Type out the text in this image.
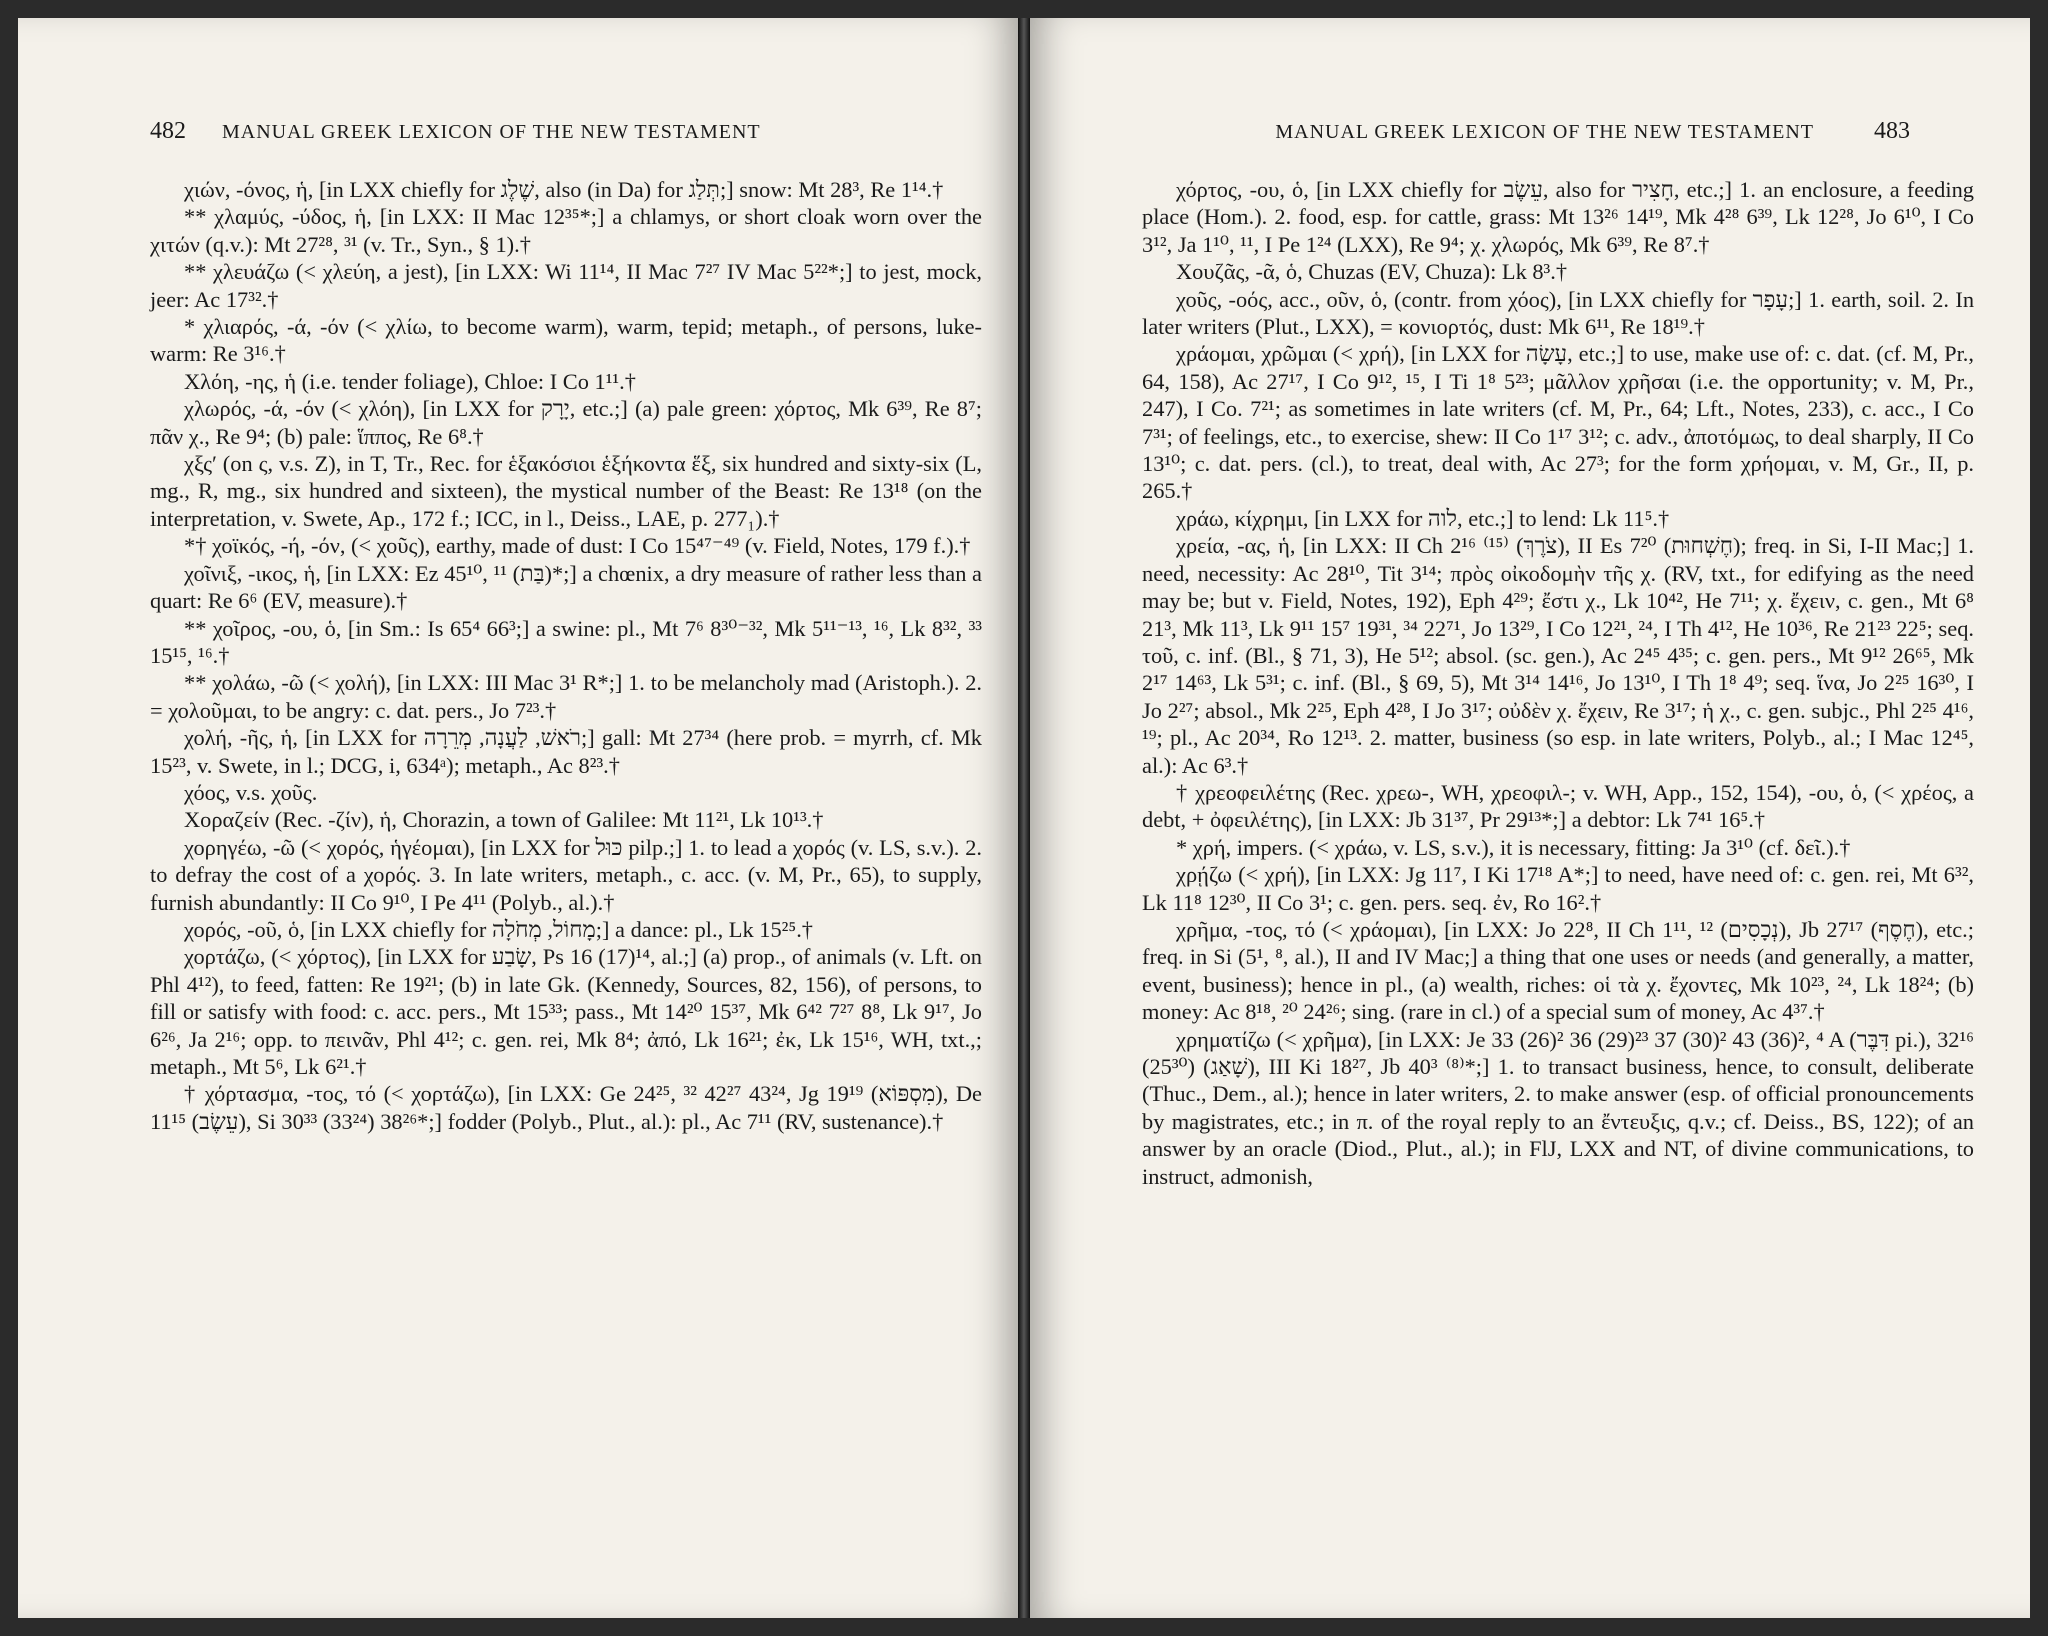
482 MANUAL GREEK LEXICON OF THE NEW TESTAMENT

χιών, -όνος, ἡ, [in LXX chiefly for שֶׁלֶג, also (in Da) for תְּלַג;] snow: Mt 28³, Re 1¹⁴.†

** χλαμύς, -ύδος, ἡ, [in LXX: II Mac 12³⁵*;] a chlamys, or short cloak worn over the χιτών (q.v.): Mt 27²⁸, ³¹ (v. Tr., Syn., § 1).†

** χλευάζω (< χλεύη, a jest), [in LXX: Wi 11¹⁴, II Mac 7²⁷ IV Mac 5²²*;] to jest, mock, jeer: Ac 17³².†

* χλιαρός, -ά, -όν (< χλίω, to become warm), warm, tepid; metaph., of persons, luke-warm: Re 3¹⁶.†

Χλόη, -ης, ἡ (i.e. tender foliage), Chloe: I Co 1¹¹.†

χλωρός, -ά, -όν (< χλόη), [in LXX for יָרָק, etc.;] (a) pale green: χόρτος, Mk 6³⁹, Re 8⁷; πᾶν χ., Re 9⁴; (b) pale: ἵππος, Re 6⁸.†

χξς′ (on ς, v.s. Z), in T, Tr., Rec. for ἑξακόσιοι ἑξήκοντα ἕξ, six hundred and sixty-six (L, mg., R, mg., six hundred and sixteen), the mystical number of the Beast: Re 13¹⁸ (on the interpretation, v. Swete, Ap., 172 f.; ICC, in l., Deiss., LAE, p. 277₁).†

*† χοϊκός, -ή, -όν, (< χοῦς), earthy, made of dust: I Co 15⁴⁷⁻⁴⁹ (v. Field, Notes, 179 f.).†

χοῖνιξ, -ικος, ἡ, [in LXX: Ez 45¹⁰, ¹¹ (בַּת)*;] a chœnix, a dry measure of rather less than a quart: Re 6⁶ (EV, measure).†

** χοῖρος, -ου, ὁ, [in Sm.: Is 65⁴ 66³;] a swine: pl., Mt 7⁶ 8³⁰⁻³², Mk 5¹¹⁻¹³, ¹⁶, Lk 8³², ³³ 15¹⁵, ¹⁶.†

** χολάω, -ῶ (< χολή), [in LXX: III Mac 3¹ R*;] 1. to be melancholy mad (Aristoph.). 2. = χολοῦμαι, to be angry: c. dat. pers., Jo 7²³.†

χολή, -ῆς, ἡ, [in LXX for רֹאשׁ, לַעֲנָה, מְרֵרָה;] gall: Mt 27³⁴ (here prob. = myrrh, cf. Mk 15²³, v. Swete, in l.; DCG, i, 634ᵃ); metaph., Ac 8²³.†

χόος, v.s. χοῦς.

Χοραζείν (Rec. -ζίν), ἡ, Chorazin, a town of Galilee: Mt 11²¹, Lk 10¹³.†

χορηγέω, -ῶ (< χορός, ἡγέομαι), [in LXX for כּוּל pilp.;] 1. to lead a χορός (v. LS, s.v.). 2. to defray the cost of a χορός. 3. In late writers, metaph., c. acc. (v. M, Pr., 65), to supply, furnish abundantly: II Co 9¹⁰, I Pe 4¹¹ (Polyb., al.).†

χορός, -οῦ, ὁ, [in LXX chiefly for מָחוֹל, מְחֹלָה;] a dance: pl., Lk 15²⁵.†

χορτάζω, (< χόρτος), [in LXX for שָׂבַע, Ps 16 (17)¹⁴, al.;] (a) prop., of animals (v. Lft. on Phl 4¹²), to feed, fatten: Re 19²¹; (b) in late Gk. (Kennedy, Sources, 82, 156), of persons, to fill or satisfy with food: c. acc. pers., Mt 15³³; pass., Mt 14²⁰ 15³⁷, Mk 6⁴² 7²⁷ 8⁸, Lk 9¹⁷, Jo 6²⁶, Ja 2¹⁶; opp. to πεινᾶν, Phl 4¹²; c. gen. rei, Mk 8⁴; ἀπό, Lk 16²¹; ἐκ, Lk 15¹⁶, WH, txt.,; metaph., Mt 5⁶, Lk 6²¹.†

† χόρτασμα, -τος, τό (< χορτάζω), [in LXX: Ge 24²⁵, ³² 42²⁷ 43²⁴, Jg 19¹⁹ (מִסְפּוֹא), De 11¹⁵ (עֵשֶׂב), Si 30³³ (33²⁴) 38²⁶*;] fodder (Polyb., Plut., al.): pl., Ac 7¹¹ (RV, sustenance).†

MANUAL GREEK LEXICON OF THE NEW TESTAMENT	483

χόρτος, -ου, ὁ, [in LXX chiefly for עֵשֶׂב, also for חָצִיר, etc.;] 1. an enclosure, a feeding place (Hom.). 2. food, esp. for cattle, grass: Mt 13²⁶ 14¹⁹, Mk 4²⁸ 6³⁹, Lk 12²⁸, Jo 6¹⁰, I Co 3¹², Ja 1¹⁰, ¹¹, I Pe 1²⁴ (LXX), Re 9⁴; χ. χλωρός, Mk 6³⁹, Re 8⁷.†

Χουζᾶς, -ᾶ, ὁ, Chuzas (EV, Chuza): Lk 8³.†

χοῦς, -οός, acc., οῦν, ὁ, (contr. from χόος), [in LXX chiefly for עָפָר;] 1. earth, soil. 2. In later writers (Plut., LXX), = κονιορτός, dust: Mk 6¹¹, Re 18¹⁹.†

χράομαι, χρῶμαι (< χρή), [in LXX for עָשָׂה, etc.;] to use, make use of: c. dat. (cf. M, Pr., 64, 158), Ac 27¹⁷, I Co 9¹², ¹⁵, I Ti 1⁸ 5²³; μᾶλλον χρῆσαι (i.e. the opportunity; v. M, Pr., 247), I Co. 7²¹; as sometimes in late writers (cf. M, Pr., 64; Lft., Notes, 233), c. acc., I Co 7³¹; of feelings, etc., to exercise, shew: II Co 1¹⁷ 3¹²; c. adv., ἀποτόμως, to deal sharply, II Co 13¹⁰; c. dat. pers. (cl.), to treat, deal with, Ac 27³; for the form χρήομαι, v. M, Gr., II, p. 265.†

χράω, κίχρημι, [in LXX for לוה, etc.;] to lend: Lk 11⁵.†

χρεία, -ας, ἡ, [in LXX: II Ch 2¹⁶ ⁽¹⁵⁾ (צֹרֶךְ), II Es 7²⁰ (חֶשְׁחוּת); freq. in Si, I-II Mac;] 1. need, necessity: Ac 28¹⁰, Tit 3¹⁴; πρὸς οἰκοδομὴν τῆς χ. (RV, txt., for edifying as the need may be; but v. Field, Notes, 192), Eph 4²⁹; ἔστι χ., Lk 10⁴², He 7¹¹; χ. ἔχειν, c. gen., Mt 6⁸ 21³, Mk 11³, Lk 9¹¹ 15⁷ 19³¹, ³⁴ 22⁷¹, Jo 13²⁹, I Co 12²¹, ²⁴, I Th 4¹², He 10³⁶, Re 21²³ 22⁵; seq. τοῦ, c. inf. (Bl., § 71, 3), He 5¹²; absol. (sc. gen.), Ac 2⁴⁵ 4³⁵; c. gen. pers., Mt 9¹² 26⁶⁵, Mk 2¹⁷ 14⁶³, Lk 5³¹; c. inf. (Bl., § 69, 5), Mt 3¹⁴ 14¹⁶, Jo 13¹⁰, I Th 1⁸ 4⁹; seq. ἵνα, Jo 2²⁵ 16³⁰, I Jo 2²⁷; absol., Mk 2²⁵, Eph 4²⁸, I Jo 3¹⁷; οὐδὲν χ. ἔχειν, Re 3¹⁷; ἡ χ., c. gen. subjc., Phl 2²⁵ 4¹⁶, ¹⁹; pl., Ac 20³⁴, Ro 12¹³. 2. matter, business (so esp. in late writers, Polyb., al.; I Mac 12⁴⁵, al.): Ac 6³.†

† χρεοφειλέτης (Rec. χρεω-, WH, χρεοφιλ-; v. WH, App., 152, 154), -ου, ὁ, (< χρέος, a debt, + ὀφειλέτης), [in LXX: Jb 31³⁷, Pr 29¹³*;] a debtor: Lk 7⁴¹ 16⁵.†

* χρή, impers. (< χράω, v. LS, s.v.), it is necessary, fitting: Ja 3¹⁰ (cf. δεῖ.).†

χρῄζω (< χρή), [in LXX: Jg 11⁷, I Ki 17¹⁸ A*;] to need, have need of: c. gen. rei, Mt 6³², Lk 11⁸ 12³⁰, II Co 3¹; c. gen. pers. seq. ἐν, Ro 16².†

χρῆμα, -τος, τό (< χράομαι), [in LXX: Jo 22⁸, II Ch 1¹¹, ¹² (נְכָסִים), Jb 27¹⁷ (חֶסֶף), etc.; freq. in Si (5¹, ⁸, al.), II and IV Mac;] a thing that one uses or needs (and generally, a matter, event, business); hence in pl., (a) wealth, riches: οἱ τὰ χ. ἔχοντες, Mk 10²³, ²⁴, Lk 18²⁴; (b) money: Ac 8¹⁸, ²⁰ 24²⁶; sing. (rare in cl.) of a special sum of money, Ac 4³⁷.†

χρηματίζω (< χρῆμα), [in LXX: Je 33 (26)² 36 (29)²³ 37 (30)² 43 (36)², ⁴ A (דִּבֶּר pi.), 32¹⁶ (25³⁰) (שָׁאַג), III Ki 18²⁷, Jb 40³ ⁽⁸⁾*;] 1. to transact business, hence, to consult, deliberate (Thuc., Dem., al.); hence in later writers, 2. to make answer (esp. of official pronouncements by magistrates, etc.; in π. of the royal reply to an ἔντευξις, q.v.; cf. Deiss., BS, 122); of an answer by an oracle (Diod., Plut., al.); in FlJ, LXX and NT, of divine communications, to instruct, admonish,
